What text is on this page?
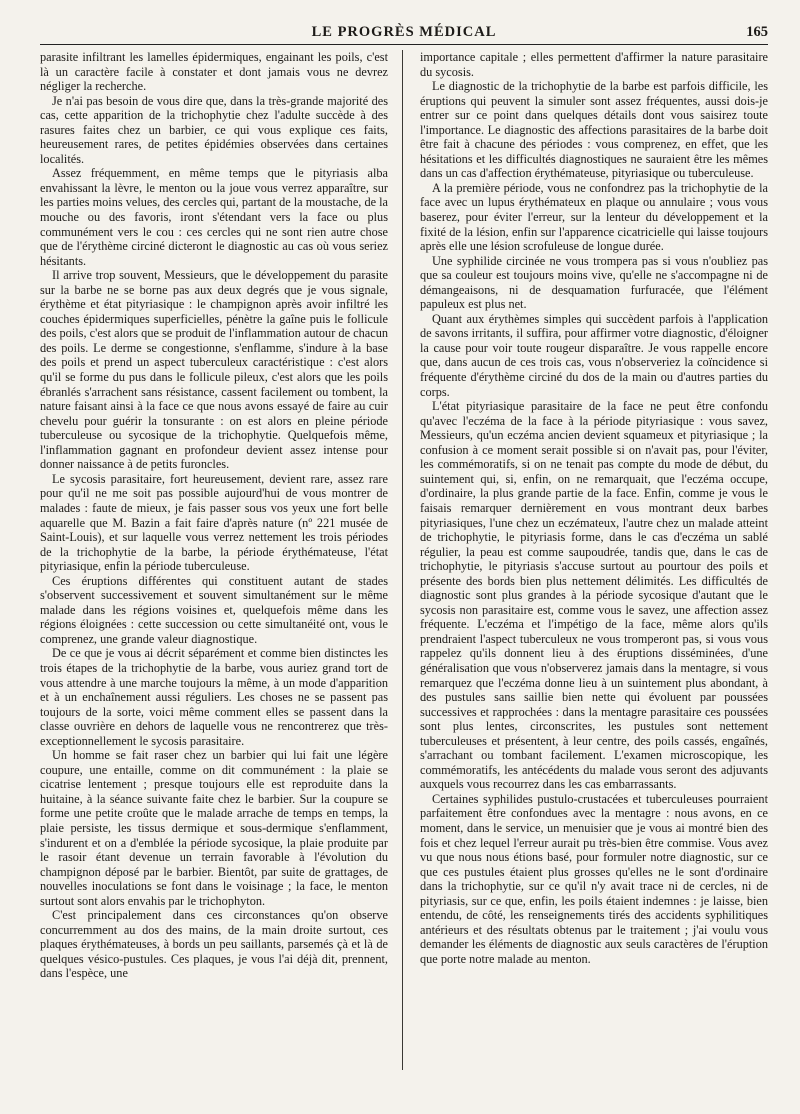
LE PROGRÈS MÉDICAL	165

parasite infiltrant les lamelles épidermiques, engainant les poils, c'est là un caractère facile à constater et dont jamais vous ne devrez négliger la recherche.

Je n'ai pas besoin de vous dire que, dans la très-grande majorité des cas, cette apparition de la trichophytie chez l'adulte succède à des rasures faites chez un barbier, ce qui vous explique ces faits, heureusement rares, de petites épidémies observées dans certaines localités.

Assez fréquemment, en même temps que le pityriasis alba envahissant la lèvre, le menton ou la joue vous verrez apparaître, sur les parties moins velues, des cercles qui, partant de la moustache, de la mouche ou des favoris, iront s'étendant vers la face ou plus communément vers le cou : ces cercles qui ne sont rien autre chose que de l'érythème circiné dicteront le diagnostic au cas où vous seriez hésitants.

Il arrive trop souvent, Messieurs, que le développement du parasite sur la barbe ne se borne pas aux deux degrés que je vous signale, érythème et état pityriasique : le champignon après avoir infiltré les couches épidermiques superficielles, pénètre la gaîne puis le follicule des poils, c'est alors que se produit de l'inflammation autour de chacun des poils. Le derme se congestionne, s'enflamme, s'indure à la base des poils et prend un aspect tuberculeux caractéristique : c'est alors qu'il se forme du pus dans le follicule pileux, c'est alors que les poils ébranlés s'arrachent sans résistance, cassent facilement ou tombent, la nature faisant ainsi à la face ce que nous avons essayé de faire au cuir chevelu pour guérir la tonsurante : on est alors en pleine période tuberculeuse ou sycosique de la trichophytie. Quelquefois même, l'inflammation gagnant en profondeur devient assez intense pour donner naissance à de petits furoncles.

Le sycosis parasitaire, fort heureusement, devient rare, assez rare pour qu'il ne me soit pas possible aujourd'hui de vous montrer de malades : faute de mieux, je fais passer sous vos yeux une fort belle aquarelle que M. Bazin a fait faire d'après nature (nº 221 musée de Saint-Louis), et sur laquelle vous verrez nettement les trois périodes de la trichophytie de la barbe, la période érythémateuse, l'état pityriasique, enfin la période tuberculeuse.

Ces éruptions différentes qui constituent autant de stades s'observent successivement et souvent simultanément sur le même malade dans les régions voisines et, quelquefois même dans les régions éloignées : cette succession ou cette simultanéité ont, vous le comprenez, une grande valeur diagnostique.

De ce que je vous ai décrit séparément et comme bien distinctes les trois étapes de la trichophytie de la barbe, vous auriez grand tort de vous attendre à une marche toujours la même, à un mode d'apparition et à un enchaînement aussi réguliers. Les choses ne se passent pas toujours de la sorte, voici même comment elles se passent dans la classe ouvrière en dehors de laquelle vous ne rencontrerez que très-exceptionnellement le sycosis parasitaire.

Un homme se fait raser chez un barbier qui lui fait une légère coupure, une entaille, comme on dit communément : la plaie se cicatrise lentement ; presque toujours elle est reproduite dans la huitaine, à la séance suivante faite chez le barbier. Sur la coupure se forme une petite croûte que le malade arrache de temps en temps, la plaie persiste, les tissus dermique et sous-dermique s'enflamment, s'indurent et on a d'emblée la période sycosique, la plaie produite par le rasoir étant devenue un terrain favorable à l'évolution du champignon déposé par le barbier. Bientôt, par suite de grattages, de nouvelles inoculations se font dans le voisinage ; la face, le menton surtout sont alors envahis par le trichophyton.

C'est principalement dans ces circonstances qu'on observe concurremment au dos des mains, de la main droite surtout, ces plaques érythémateuses, à bords un peu saillants, parsemés çà et là de quelques vésico-pustules. Ces plaques, je vous l'ai déjà dit, prennent, dans l'espèce, une

importance capitale ; elles permettent d'affirmer la nature parasitaire du sycosis.

Le diagnostic de la trichophytie de la barbe est parfois difficile, les éruptions qui peuvent la simuler sont assez fréquentes, aussi dois-je entrer sur ce point dans quelques détails dont vous saisirez toute l'importance. Le diagnostic des affections parasitaires de la barbe doit être fait à chacune des périodes : vous comprenez, en effet, que les hésitations et les difficultés diagnostiques ne sauraient être les mêmes dans un cas d'affection érythémateuse, pityriasique ou tuberculeuse.

A la première période, vous ne confondrez pas la trichophytie de la face avec un lupus érythémateux en plaque ou annulaire ; vous vous baserez, pour éviter l'erreur, sur la lenteur du développement et la fixité de la lésion, enfin sur l'apparence cicatricielle qui laisse toujours après elle une lésion scrofuleuse de longue durée.

Une syphilide circinée ne vous trompera pas si vous n'oubliez pas que sa couleur est toujours moins vive, qu'elle ne s'accompagne ni de démangeaisons, ni de desquamation furfuracée, que l'élément papuleux est plus net.

Quant aux érythèmes simples qui succèdent parfois à l'application de savons irritants, il suffira, pour affirmer votre diagnostic, d'éloigner la cause pour voir toute rougeur disparaître. Je vous rappelle encore que, dans aucun de ces trois cas, vous n'observeriez la coïncidence si fréquente d'érythème circiné du dos de la main ou d'autres parties du corps.

L'état pityriasique parasitaire de la face ne peut être confondu qu'avec l'eczéma de la face à la période pityriasique : vous savez, Messieurs, qu'un eczéma ancien devient squameux et pityriasique ; la confusion à ce moment serait possible si on n'avait pas, pour l'éviter, les commémoratifs, si on ne tenait pas compte du mode de début, du suintement qui, si, enfin, on ne remarquait, que l'eczéma occupe, d'ordinaire, la plus grande partie de la face. Enfin, comme je vous le faisais remarquer dernièrement en vous montrant deux barbes pityriasiques, l'une chez un eczémateux, l'autre chez un malade atteint de trichophytie, le pityriasis forme, dans le cas d'eczéma un sablé régulier, la peau est comme saupoudrée, tandis que, dans le cas de trichophytie, le pityriasis s'accuse surtout au pourtour des poils et présente des bords bien plus nettement délimités. Les difficultés de diagnostic sont plus grandes à la période sycosique d'autant que le sycosis non parasitaire est, comme vous le savez, une affection assez fréquente. L'eczéma et l'impétigo de la face, même alors qu'ils prendraient l'aspect tuberculeux ne vous tromperont pas, si vous vous rappelez qu'ils donnent lieu à des éruptions disséminées, d'une généralisation que vous n'observerez jamais dans la mentagre, si vous remarquez que l'eczéma donne lieu à un suintement plus abondant, à des pustules sans saillie bien nette qui évoluent par poussées successives et rapprochées : dans la mentagre parasitaire ces poussées sont plus lentes, circonscrites, les pustules sont nettement tuberculeuses et présentent, à leur centre, des poils cassés, engaînés, s'arrachant ou tombant facilement. L'examen microscopique, les commémoratifs, les antécédents du malade vous seront des adjuvants auxquels vous recourrez dans les cas embarrassants.

Certaines syphilides pustulo-crustacées et tuberculeuses pourraient parfaitement être confondues avec la mentagre : nous avons, en ce moment, dans le service, un menuisier que je vous ai montré bien des fois et chez lequel l'erreur aurait pu très-bien être commise. Vous avez vu que nous nous étions basé, pour formuler notre diagnostic, sur ce que ces pustules étaient plus grosses qu'elles ne le sont d'ordinaire dans la trichophytie, sur ce qu'il n'y avait trace ni de cercles, ni de pityriasis, sur ce que, enfin, les poils étaient indemnes : je laisse, bien entendu, de côté, les renseignements tirés des accidents syphilitiques antérieurs et des résultats obtenus par le traitement ; j'ai voulu vous demander les éléments de diagnostic aux seuls caractères de l'éruption que porte notre malade au menton.
